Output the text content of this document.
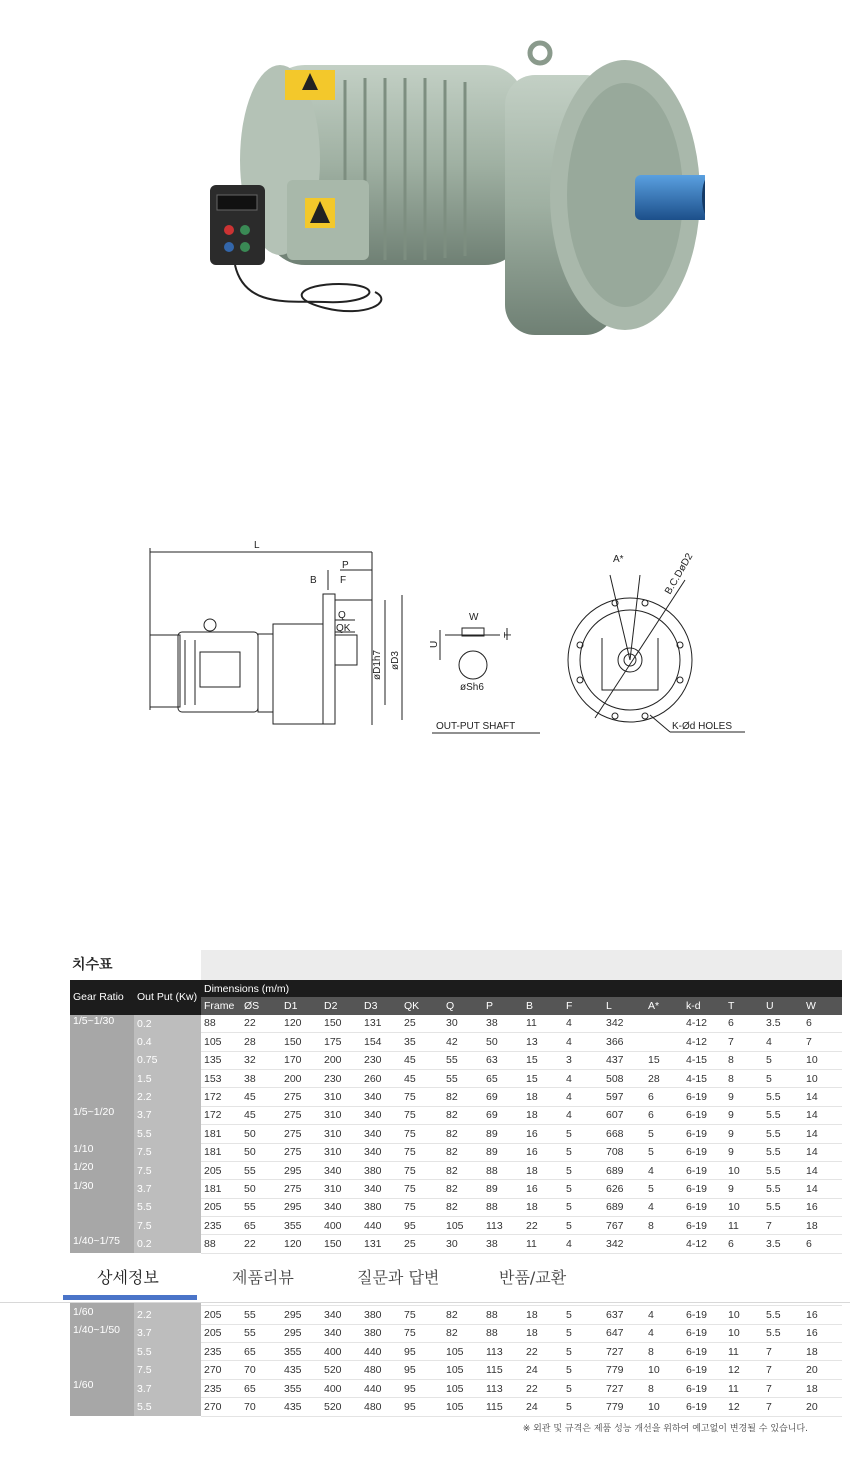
L
P
B F
Q
QK
øD1h7 øD3
W
U
T
øSh6
OUT-PUT SHAFT
A*	B.C.DøD2
K-Ød HOLES
치수표
Gear Ratio	Out Put (Kw)	Dimensions (m/m)															
		Frame	ØS	D1	D2	D3	QK	Q	P	B	F	L	A*	k-d	T	U	W
1/5~1/30	0.2	88	22	120	150	131	25	30	38	11	4	342		4-12	6	3.5	6
	0.4	105	28	150	175	154	35	42	50	13	4	366		4-12	7	4	7
	0.75	135	32	170	200	230	45	55	63	15	3	437	15	4-15	8	5	10
	1.5	153	38	200	230	260	45	55	65	15	4	508	28	4-15	8	5	10
	2.2	172	45	275	310	340	75	82	69	18	4	597	6	6-19	9	5.5	14
1/5~1/20	3.7	172	45	275	310	340	75	82	69	18	4	607	6	6-19	9	5.5	14
	5.5	181	50	275	310	340	75	82	89	16	5	668	5	6-19	9	5.5	14
1/10	7.5	181	50	275	310	340	75	82	89	16	5	708	5	6-19	9	5.5	14
1/20	7.5	205	55	295	340	380	75	82	88	18	5	689	4	6-19	10	5.5	14
1/30	3.7	181	50	275	310	340	75	82	89	16	5	626	5	6-19	9	5.5	14
	5.5	205	55	295	340	380	75	82	88	18	5	689	4	6-19	10	5.5	16
	7.5	235	65	355	400	440	95	105	113	22	5	767	8	6-19	11	7	18
1/40~1/75	0.2	88	22	120	150	131	25	30	38	11	4	342		4-12	6	3.5	6

1/60	2.2	205	55	295	340	380	75	82	88	18	5	637	4	6-19	10	5.5	16
1/40~1/50	3.7	205	55	295	340	380	75	82	88	18	5	647	4	6-19	10	5.5	16
	5.5	235	65	355	400	440	95	105	113	22	5	727	8	6-19	11	7	18
	7.5	270	70	435	520	480	95	105	115	24	5	779	10	6-19	12	7	20
1/60	3.7	235	65	355	400	440	95	105	113	22	5	727	8	6-19	11	7	18
	5.5	270	70	435	520	480	95	105	115	24	5	779	10	6-19	12	7	20
※ 외관 및 규격은 제품 성능 개선을 위하여 예고없이 변경될 수 있습니다.
상세정보	제품리뷰	질문과 답변	반품/교환
